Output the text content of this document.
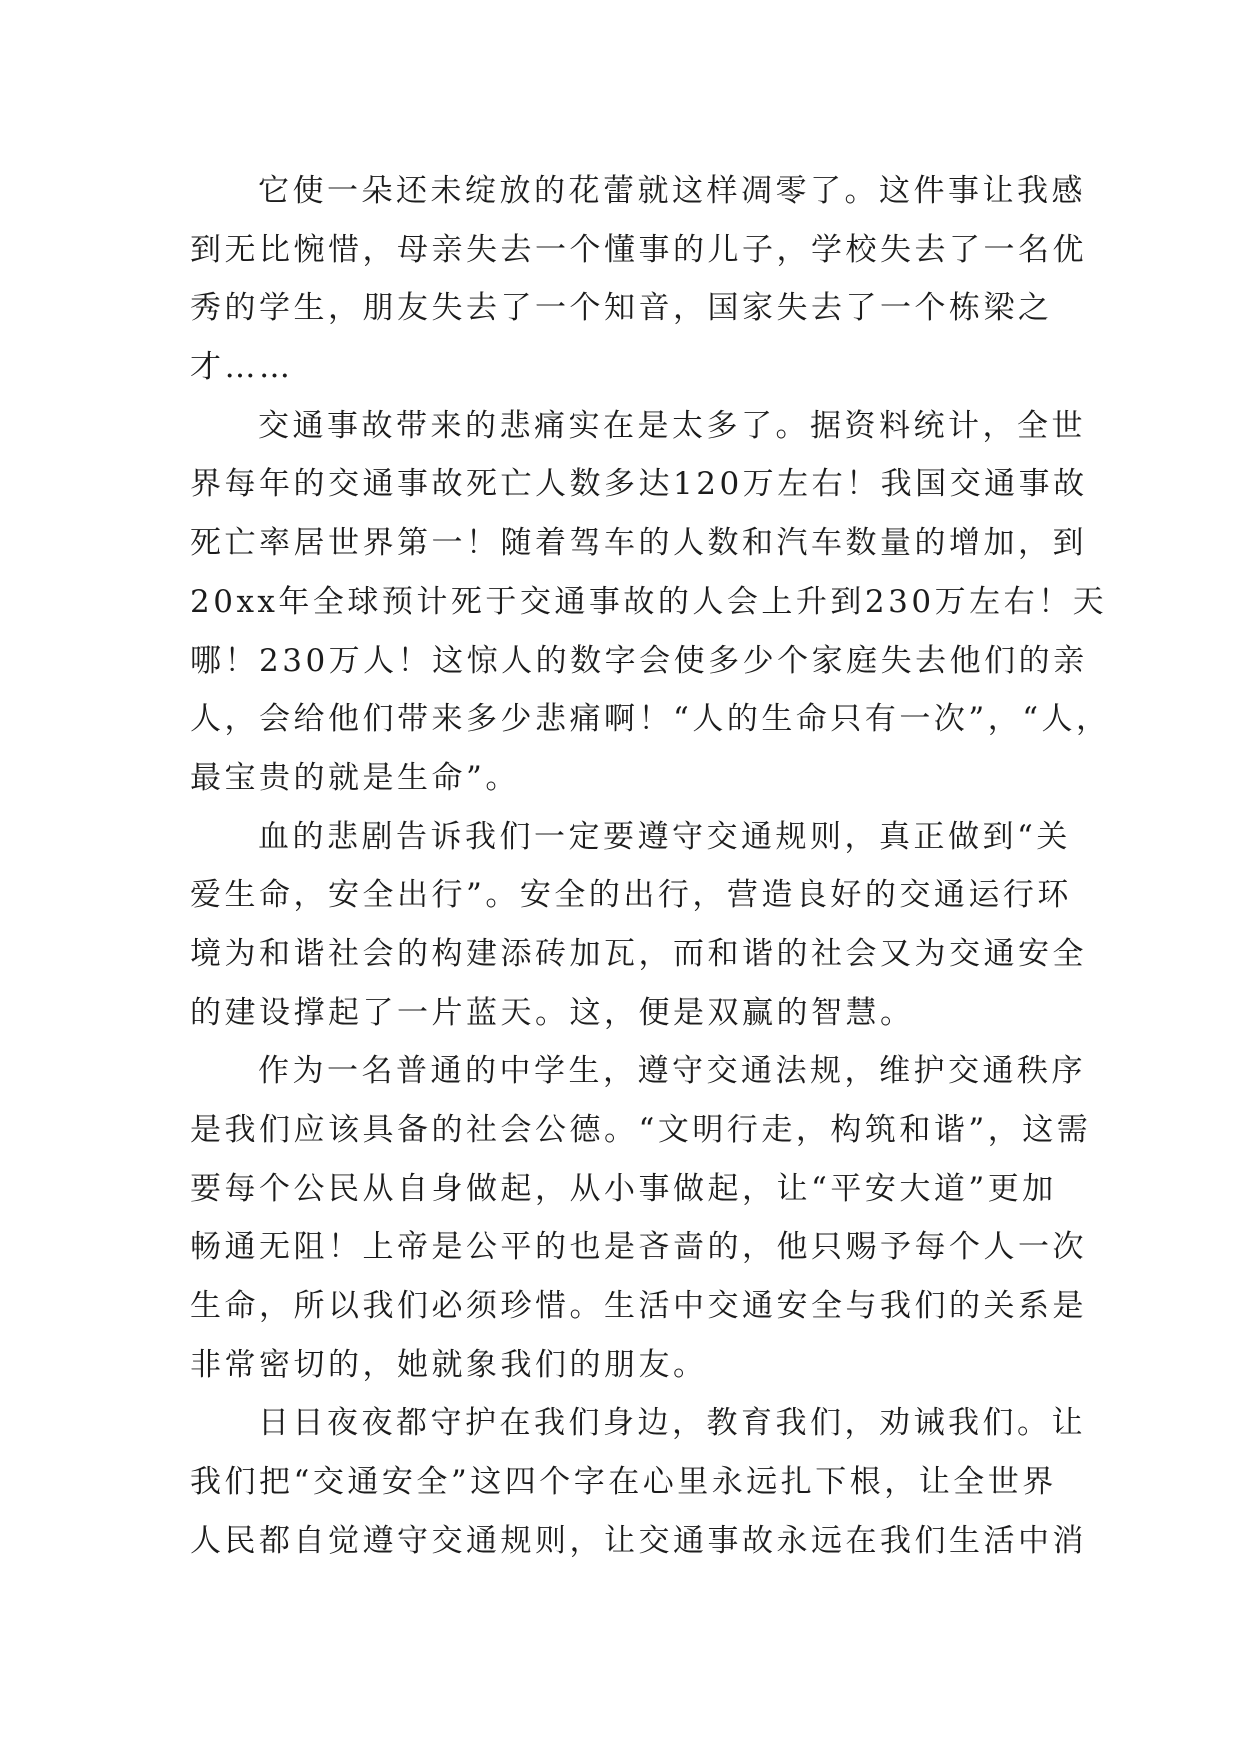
它使一朵还未绽放的花蕾就这样凋零了。这件事让我感
到无比惋惜，母亲失去一个懂事的儿子，学校失去了一名优
秀的学生，朋友失去了一个知音，国家失去了一个栋梁之
才……
交通事故带来的悲痛实在是太多了。据资料统计，全世
界每年的交通事故死亡人数多达120万左右！我国交通事故
死亡率居世界第一！随着驾车的人数和汽车数量的增加，到
20xx年全球预计死于交通事故的人会上升到230万左右！天
哪！230万人！这惊人的数字会使多少个家庭失去他们的亲
人，会给他们带来多少悲痛啊！“人的生命只有一次”，“人，
最宝贵的就是生命”。
血的悲剧告诉我们一定要遵守交通规则，真正做到“关
爱生命，安全出行”。安全的出行，营造良好的交通运行环
境为和谐社会的构建添砖加瓦，而和谐的社会又为交通安全
的建设撑起了一片蓝天。这，便是双赢的智慧。
作为一名普通的中学生，遵守交通法规，维护交通秩序
是我们应该具备的社会公德。“文明行走，构筑和谐”，这需
要每个公民从自身做起，从小事做起，让“平安大道”更加
畅通无阻！上帝是公平的也是吝啬的，他只赐予每个人一次
生命，所以我们必须珍惜。生活中交通安全与我们的关系是
非常密切的，她就象我们的朋友。
日日夜夜都守护在我们身边，教育我们，劝诫我们。让
我们把“交通安全”这四个字在心里永远扎下根，让全世界
人民都自觉遵守交通规则，让交通事故永远在我们生活中消
